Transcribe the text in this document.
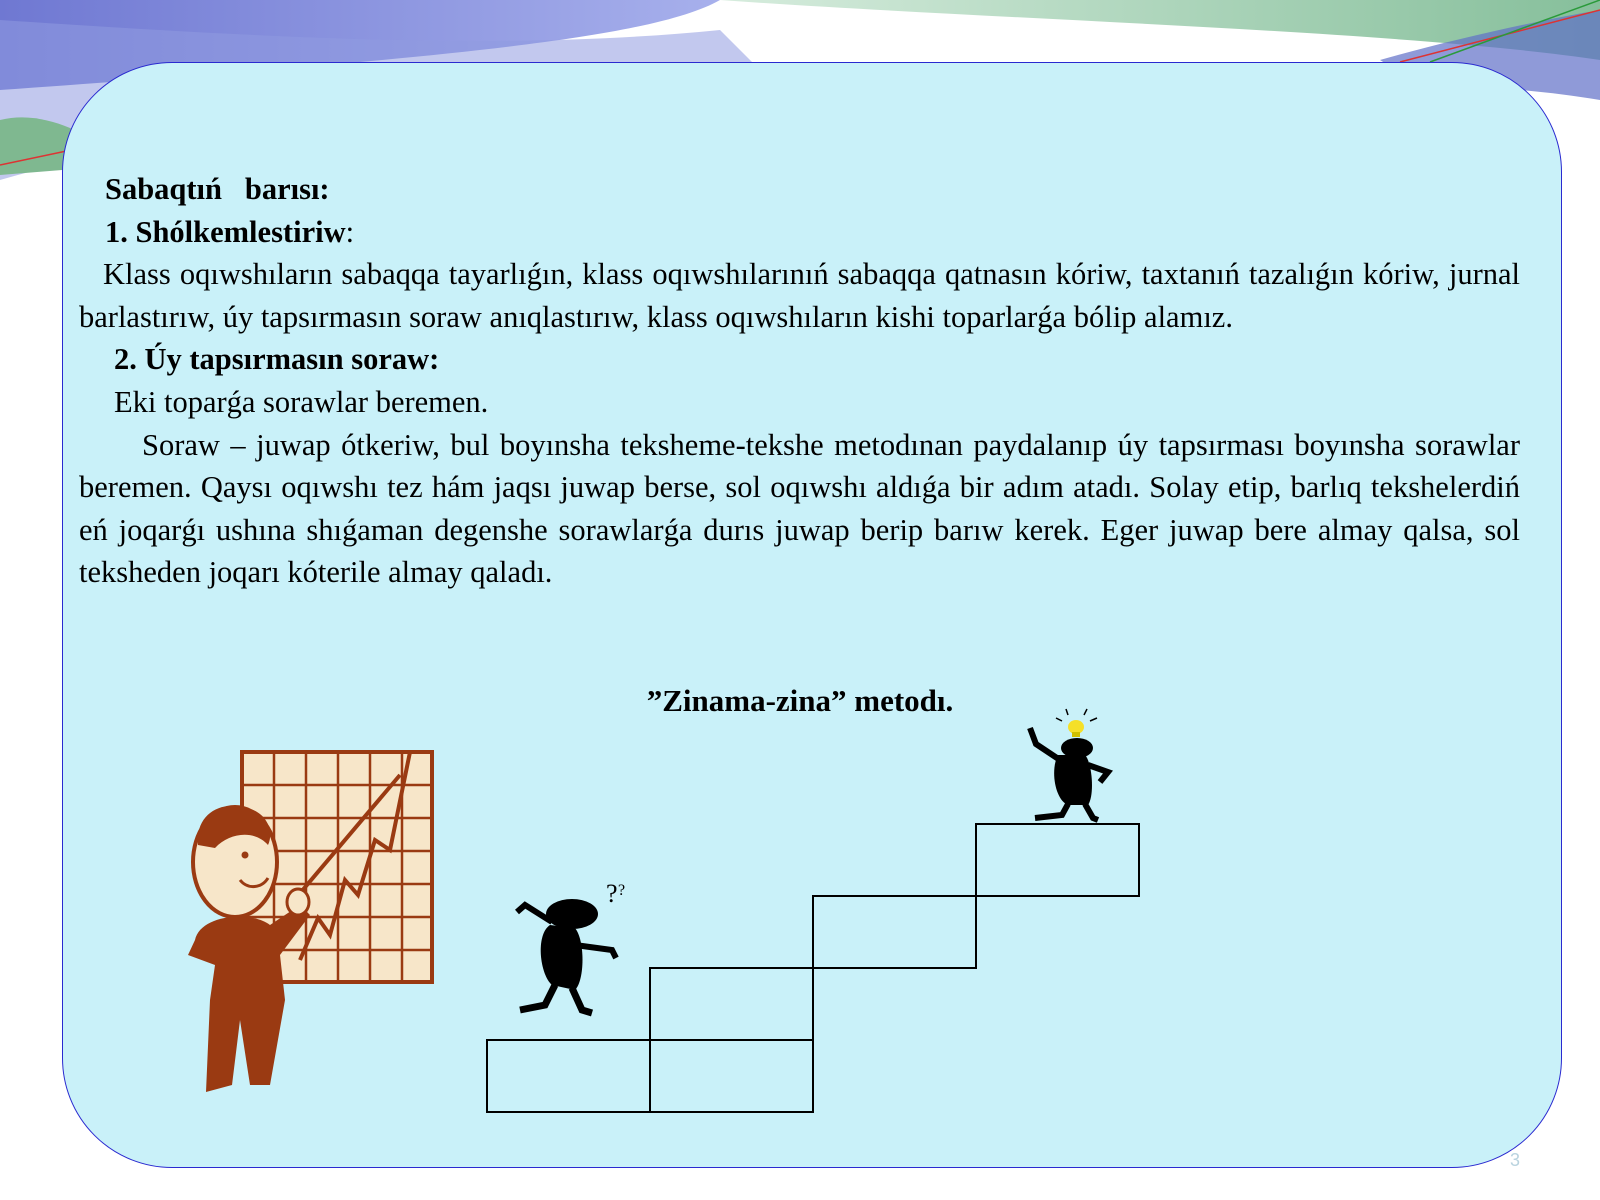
Sabaqtıń   barısı:

1. Shólkemlestiriw:

Klass oqıwshıların sabaqqa tayarlıǵın, klass oqıwshılarınıń sabaqqa qatnasın kóriw, taxtanıń tazalıǵın kóriw, jurnal barlastırıw, úy tapsırmasın soraw anıqlastırıw, klass oqıwshıların kishi toparlarǵa bólip alamız.

2. Úy tapsırmasın soraw:

Eki toparǵa sorawlar beremen.

Soraw – juwap ótkeriw, bul boyınsha teksheme-tekshe metodınan paydalanıp úy tapsırması boyınsha sorawlar beremen. Qaysı oqıwshı tez hám jaqsı juwap berse, sol oqıwshı aldıǵa bir adım atadı. Solay etip, barlıq tekshelerdiń eń joqarǵı ushına shıǵaman degenshe sorawlarǵa durıs juwap berip barıw kerek. Eger juwap bere almay qalsa, sol teksheden joqarı kóterile almay qaladı.

”Zinama-zina” metodı.
? ?
3
